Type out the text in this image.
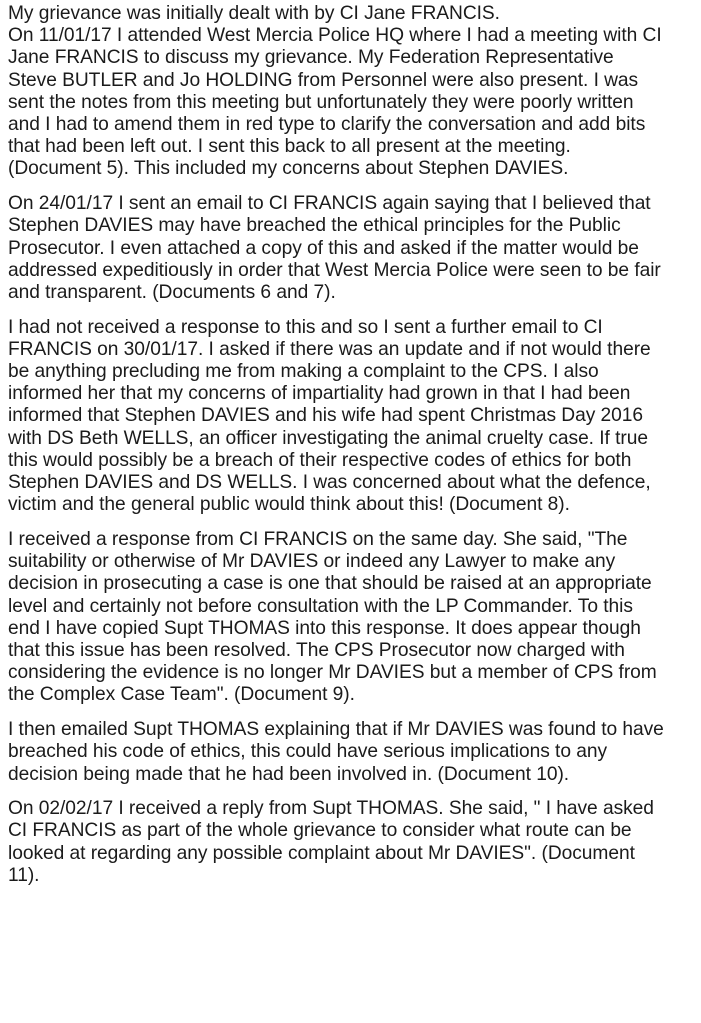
My grievance was initially dealt with by CI Jane FRANCIS.
On 11/01/17 I attended West Mercia Police HQ where I had a meeting with CI
Jane FRANCIS to discuss my grievance. My Federation Representative
Steve BUTLER and Jo HOLDING from Personnel were also present. I was
sent the notes from this meeting but unfortunately they were poorly written
and I had to amend them in red type to clarify the conversation and add bits
that had been left out. I sent this back to all present at the meeting.
(Document 5). This included my concerns about Stephen DAVIES.

On 24/01/17 I sent an email to CI FRANCIS again saying that I believed that
Stephen DAVIES may have breached the ethical principles for the Public
Prosecutor. I even attached a copy of this and asked if the matter would be
addressed expeditiously in order that West Mercia Police were seen to be fair
and transparent. (Documents 6 and 7).

I had not received a response to this and so I sent a further email to CI
FRANCIS on 30/01/17. I asked if there was an update and if not would there
be anything precluding me from making a complaint to the CPS. I also
informed her that my concerns of impartiality had grown in that I had been
informed that Stephen DAVIES and his wife had spent Christmas Day 2016
with DS Beth WELLS, an officer investigating the animal cruelty case. If true
this would possibly be a breach of their respective codes of ethics for both
Stephen DAVIES and DS WELLS. I was concerned about what the defence,
victim and the general public would think about this! (Document 8).

I received a response from CI FRANCIS on the same day. She said, "The
suitability or otherwise of Mr DAVIES or indeed any Lawyer to make any
decision in prosecuting a case is one that should be raised at an appropriate
level and certainly not before consultation with the LP Commander. To this
end I have copied Supt THOMAS into this response. It does appear though
that this issue has been resolved. The CPS Prosecutor now charged with
considering the evidence is no longer Mr DAVIES but a member of CPS from
the Complex Case Team". (Document 9).

I then emailed Supt THOMAS explaining that if Mr DAVIES was found to have
breached his code of ethics, this could have serious implications to any
decision being made that he had been involved in. (Document 10).

On 02/02/17 I received a reply from Supt THOMAS. She said, " I have asked
CI FRANCIS as part of the whole grievance to consider what route can be
looked at regarding any possible complaint about Mr DAVIES". (Document
11).
